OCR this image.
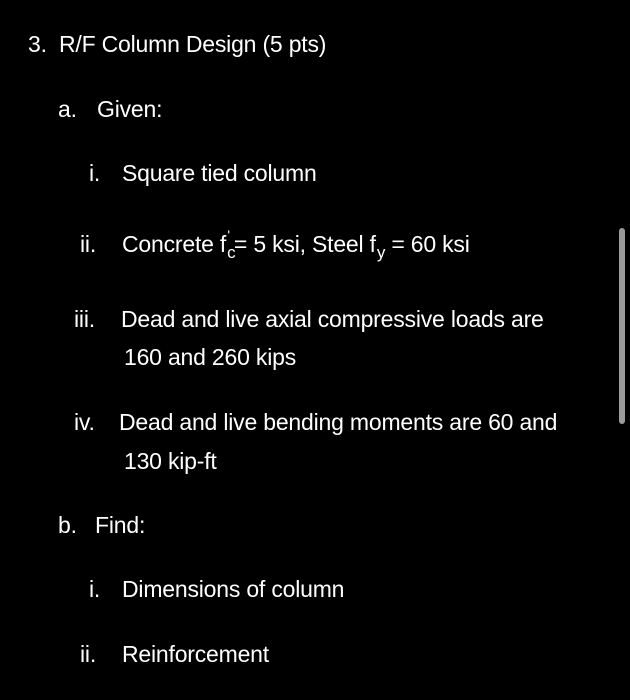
3. R/F Column Design (5 pts)
a. Given:
i. Square tied column
ii. Concrete $f_c' = 5$ ksi, Steel $f_y = 60$ ksi
iii. Dead and live axial compressive loads are
160 and 260 kips
iv. Dead and live bending moments are 60 and
130 kip-ft
b. Find:
i. Dimensions of column
ii. Reinforcement
